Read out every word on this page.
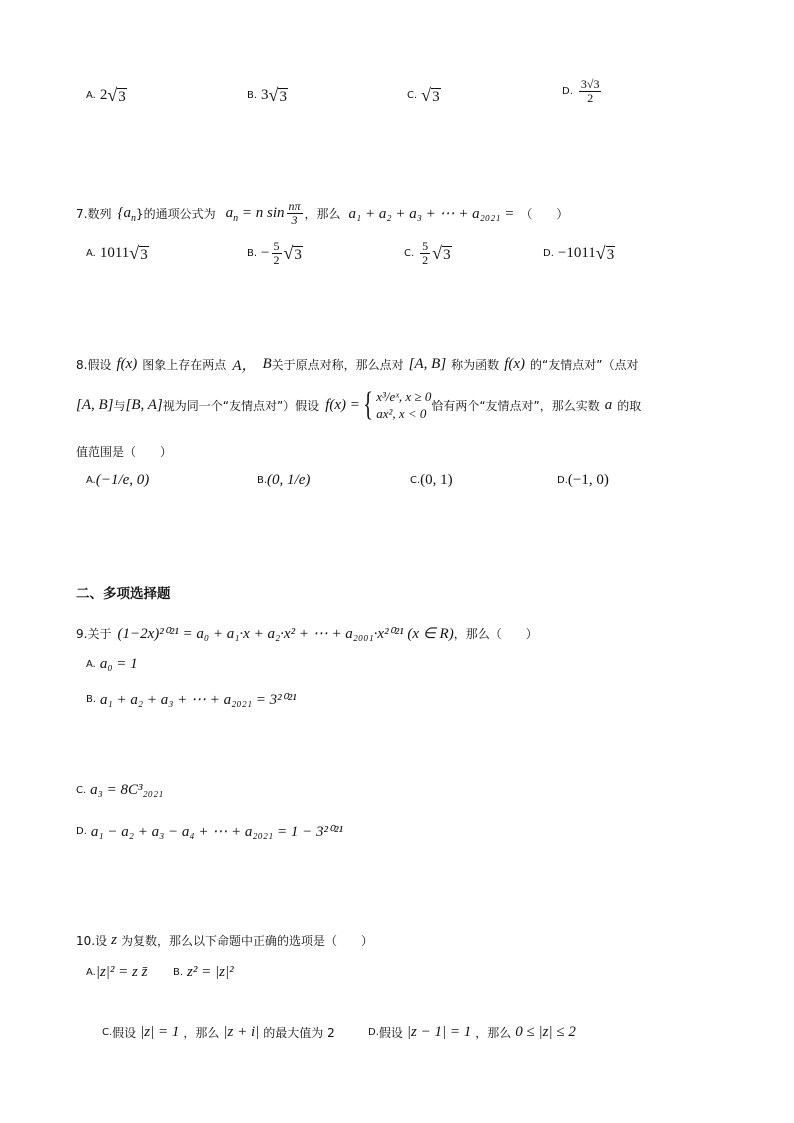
A. 2 √ 3	B. 3 √ 3	C. √ 3	D. $\frac{3√3}{2}$
7. 数列 {$a_n$ }的通项公式为 $a_n = n$ $\sin \frac{n\pi}{3}$ ，那么 a₁ + a₂ + a₃ + ⋯ + a₂₀₂₁ = （　　）
A. 1011 √ 3	B. − $\frac{5}{2}$ √ 3	C. $\frac{5}{2}$ √ 3	D. −1011 √ 3
8. 假设 f(x) 图象上存在两点 A， B 关于原点对称，那么点对 [A, B] 称为函数 f(x) 的“友情点对”（点对
[A, B] 与 [B, A] 视为同一个“友情点对”）假设 f(x) = { x³/eˣ, x ≥ 0
ax², x < 0
恰有两个“友情点对”，那么实数 a 的取
值范围是（　　）
A. (−1/e, 0)	B. (0, 1/e)	C. (0, 1)	D. (−1, 0)
二、多项选择题
9. 关于 (1−2x)²⁰²¹ = a₀ + a₁·x + a₂·x² + ⋯ + a₂₀₀₁·x²⁰²¹ (x ∈ R) ，那么（　　）
A. a₀ = 1
B. a₁ + a₂ + a₃ + ⋯ + a₂₀₂₁ = 3²⁰²¹
C. a₃ = 8C³₂₀₂₁
D. a₁ − a₂ + a₃ − a₄ + ⋯ + a₂₀₂₁ = 1 − 3²⁰²¹
10. 设 z 为复数，那么以下命题中正确的选项是（　　）
A. |z|² = z z̄	B. z² = |z|²
C. 假设 |z| = 1 ，那么 |z + i| 的最大值为 2	D. 假设 |z − 1| = 1 ，那么 0 ≤ |z| ≤ 2
